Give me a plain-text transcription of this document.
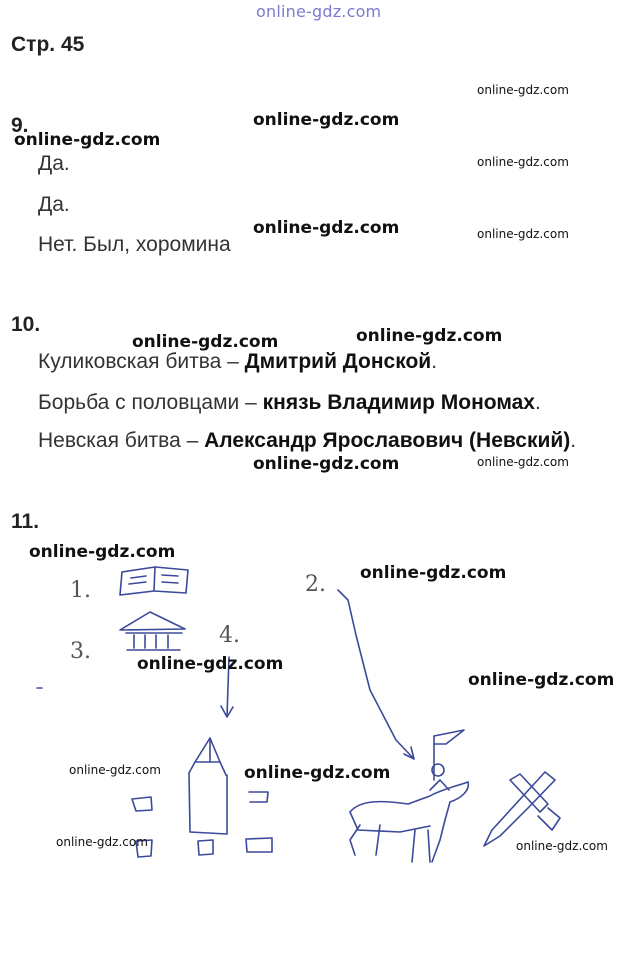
online-gdz.com
Стр. 45
9.
Да.
Да.
Нет. Был, хоромина
10.
Куликовская битва – Дмитрий Донской.
Борьба с половцами – князь Владимир Мономах.
Невская битва – Александр Ярославович (Невский).
11.
1.	2.
3.
4.
online-gdz.com
online-gdz.com
online-gdz.com
online-gdz.com
online-gdz.com	online-gdz.com
online-gdz.com
online-gdz.com
online-gdz.com	online-gdz.com
online-gdz.com
online-gdz.com
online-gdz.com
online-gdz.com
online-gdz.com	online-gdz.com
online-gdz.com	online-gdz.com
